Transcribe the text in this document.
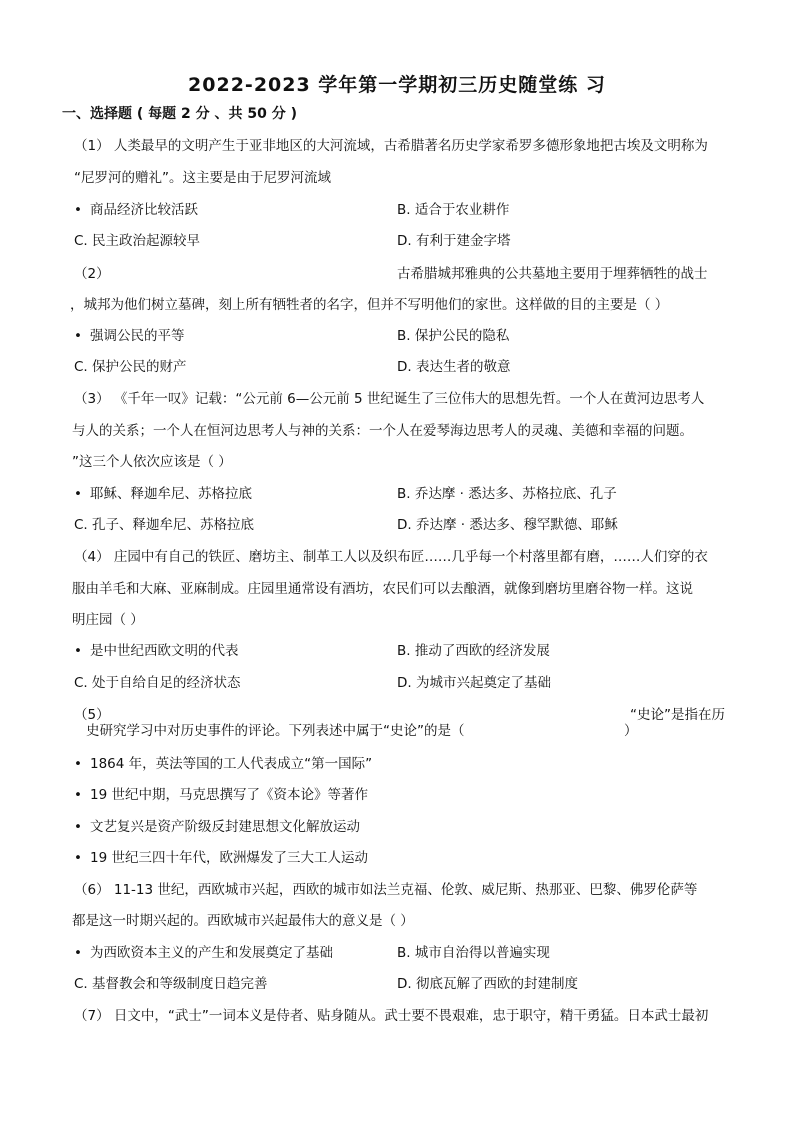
2022-2023 学年第一学期初三历史随堂练 习
一、选择题 ( 每题 2 分 、共 50 分 )
（1） 人类最早的文明产生于亚非地区的大河流域，古希腊著名历史学家希罗多德形象地把古埃及文明称为
“尼罗河的赠礼”。这主要是由于尼罗河流域
• 商品经济比较活跃	B. 适合于农业耕作
C. 民主政治起源较早	D. 有利于建金字塔
（2）	古希腊城邦雅典的公共墓地主要用于埋葬牺牲的战士
，城邦为他们树立墓碑，刻上所有牺牲者的名字，但并不写明他们的家世。这样做的目的主要是（ ）
• 强调公民的平等	B. 保护公民的隐私
C. 保护公民的财产	D. 表达生者的敬意
（3） 《千年一叹》记载：“公元前 6—公元前 5 世纪诞生了三位伟大的思想先哲。一个人在黄河边思考人
与人的关系；一个人在恒河边思考人与神的关系：一个人在爱琴海边思考人的灵魂、美德和幸福的问题。
”这三个人依次应该是（ ）
• 耶稣、释迦牟尼、苏格拉底	B. 乔达摩 · 悉达多、苏格拉底、孔子
C. 孔子、释迦牟尼、苏格拉底	D. 乔达摩 · 悉达多、穆罕默德、耶稣
（4） 庄园中有自己的铁匠、磨坊主、制革工人以及织布匠……几乎每一个村落里都有磨，……人们穿的衣
服由羊毛和大麻、亚麻制成。庄园里通常设有酒坊，农民们可以去酿酒，就像到磨坊里磨谷物一样。这说
明庄园（ ）
• 是中世纪西欧文明的代表	B. 推动了西欧的经济发展
C. 处于自给自足的经济状态	D. 为城市兴起奠定了基础
（5）	“史论”是指在历
史研究学习中对历史事件的评论。下列表述中属于“史论”的是（	）
• 1864 年，英法等国的工人代表成立“第一国际”
• 19 世纪中期，马克思撰写了《资本论》等著作
• 文艺复兴是资产阶级反封建思想文化解放运动
• 19 世纪三四十年代，欧洲爆发了三大工人运动
（6） 11-13 世纪，西欧城市兴起，西欧的城市如法兰克福、伦敦、威尼斯、热那亚、巴黎、佛罗伦萨等
都是这一时期兴起的。西欧城市兴起最伟大的意义是（ ）
• 为西欧资本主义的产生和发展奠定了基础	B. 城市自治得以普遍实现
C. 基督教会和等级制度日趋完善	D. 彻底瓦解了西欧的封建制度
（7） 日文中，“武士”一词本义是侍者、贴身随从。武士要不畏艰难，忠于职守，精干勇猛。日本武士最初
